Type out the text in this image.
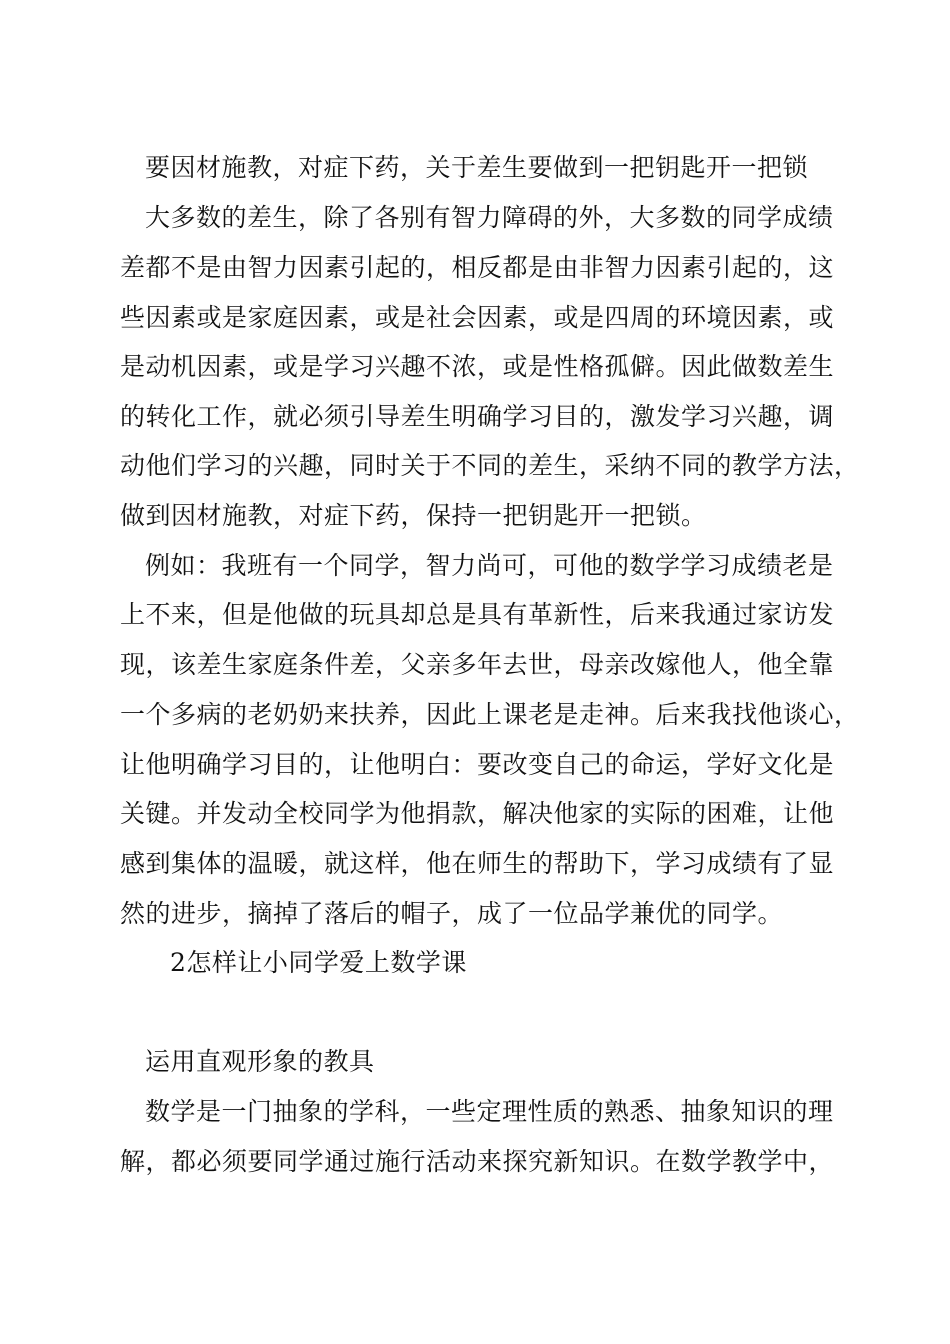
要因材施教，对症下药，关于差生要做到一把钥匙开一把锁
大多数的差生，除了各别有智力障碍的外，大多数的同学成绩
差都不是由智力因素引起的，相反都是由非智力因素引起的，这
些因素或是家庭因素，或是社会因素，或是四周的环境因素，或
是动机因素，或是学习兴趣不浓，或是性格孤僻。因此做数差生
的转化工作，就必须引导差生明确学习目的，激发学习兴趣，调
动他们学习的兴趣，同时关于不同的差生，采纳不同的教学方法，
做到因材施教，对症下药，保持一把钥匙开一把锁。
例如：我班有一个同学，智力尚可，可他的数学学习成绩老是
上不来，但是他做的玩具却总是具有革新性，后来我通过家访发
现，该差生家庭条件差，父亲多年去世，母亲改嫁他人，他全靠
一个多病的老奶奶来扶养，因此上课老是走神。后来我找他谈心，
让他明确学习目的，让他明白：要改变自己的命运，学好文化是
关键。并发动全校同学为他捐款，解决他家的实际的困难，让他
感到集体的温暖，就这样，他在师生的帮助下，学习成绩有了显
然的进步，摘掉了落后的帽子，成了一位品学兼优的同学。
2怎样让小同学爱上数学课
运用直观形象的教具
数学是一门抽象的学科，一些定理性质的熟悉、抽象知识的理
解，都必须要同学通过施行活动来探究新知识。在数学教学中，
